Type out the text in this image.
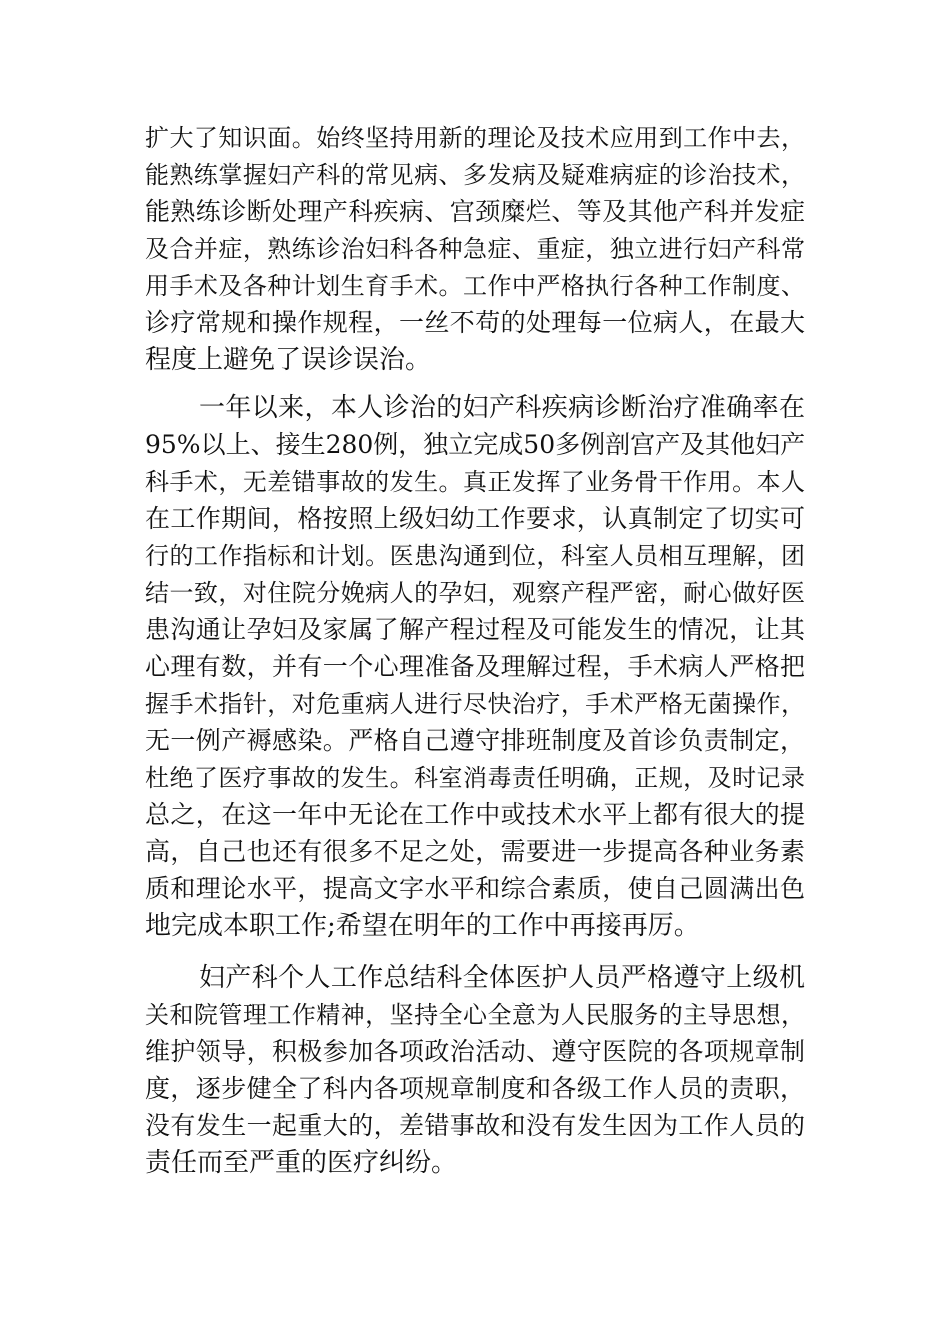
扩大了知识面。始终坚持用新的理论及技术应用到工作中去，
能熟练掌握妇产科的常见病、多发病及疑难病症的诊治技术，
能熟练诊断处理产科疾病、宫颈糜烂、等及其他产科并发症
及合并症，熟练诊治妇科各种急症、重症，独立进行妇产科常
用手术及各种计划生育手术。工作中严格执行各种工作制度、
诊疗常规和操作规程，一丝不苟的处理每一位病人，在最大
程度上避免了误诊误治。
一年以来，本人诊治的妇产科疾病诊断治疗准确率在
95%以上、接生280例，独立完成50多例剖宫产及其他妇产
科手术，无差错事故的发生。真正发挥了业务骨干作用。本人
在工作期间，格按照上级妇幼工作要求，认真制定了切实可
行的工作指标和计划。医患沟通到位，科室人员相互理解，团
结一致，对住院分娩病人的孕妇，观察产程严密，耐心做好医
患沟通让孕妇及家属了解产程过程及可能发生的情况，让其
心理有数，并有一个心理准备及理解过程，手术病人严格把
握手术指针，对危重病人进行尽快治疗，手术严格无菌操作，
无一例产褥感染。严格自己遵守排班制度及首诊负责制定，
杜绝了医疗事故的发生。科室消毒责任明确，正规，及时记录
总之，在这一年中无论在工作中或技术水平上都有很大的提
高，自己也还有很多不足之处，需要进一步提高各种业务素
质和理论水平，提高文字水平和综合素质，使自己圆满出色
地完成本职工作;希望在明年的工作中再接再厉。
妇产科个人工作总结科全体医护人员严格遵守上级机
关和院管理工作精神，坚持全心全意为人民服务的主导思想，
维护领导，积极参加各项政治活动、遵守医院的各项规章制
度，逐步健全了科内各项规章制度和各级工作人员的责职，
没有发生一起重大的，差错事故和没有发生因为工作人员的
责任而至严重的医疗纠纷。
